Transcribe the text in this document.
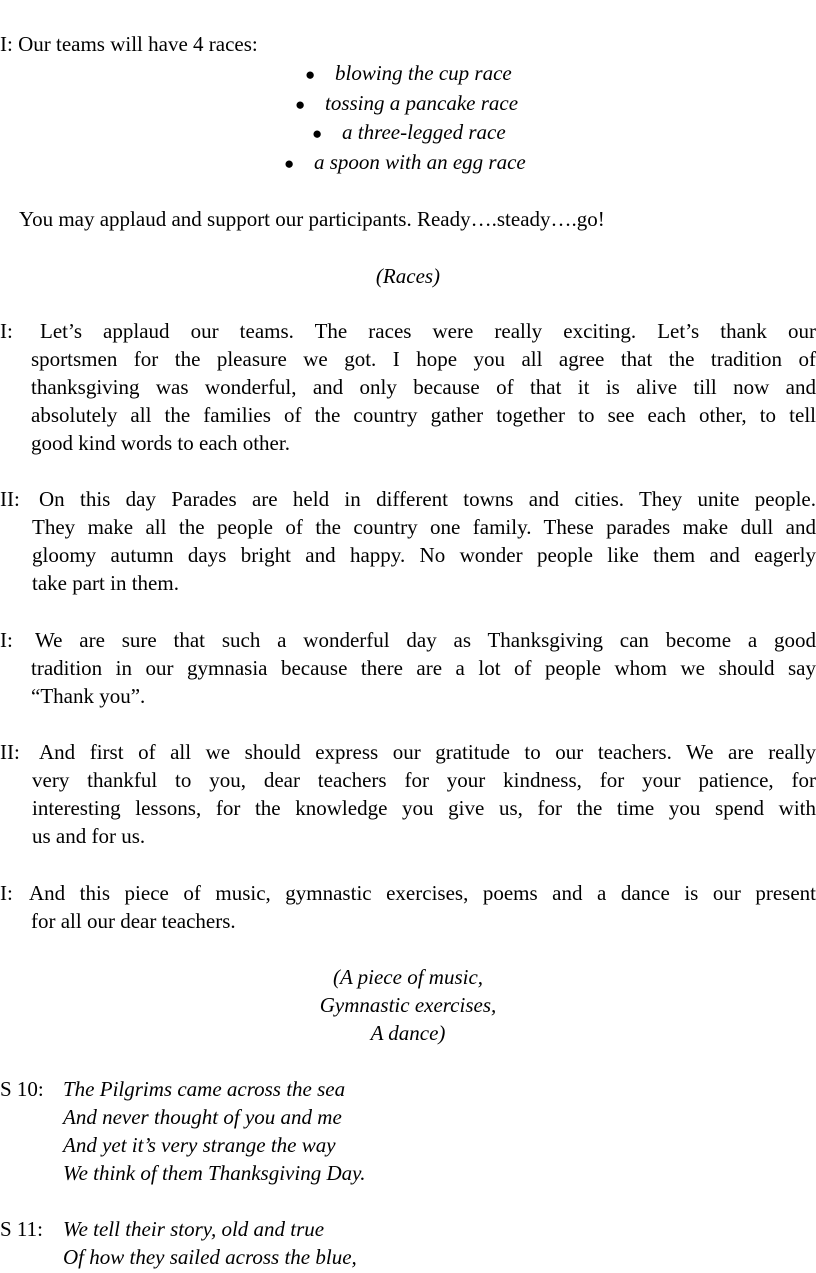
I: Our teams will have 4 races:
● blowing the cup race
● tossing a pancake race
● a three-legged race
● a spoon with an egg race
You may applaud and support our participants. Ready….steady….go!
(Races)
I: Let’s applaud our teams. The races were really exciting. Let’s thank our
sportsmen for the pleasure we got. I hope you all agree that the tradition of
thanksgiving was wonderful, and only because of that it is alive till now and
absolutely all the families of the country gather together to see each other, to tell
good kind words to each other.
II: On this day Parades are held in different towns and cities. They unite people.
They make all the people of the country one family. These parades make dull and
gloomy autumn days bright and happy. No wonder people like them and eagerly
take part in them.
I: We are sure that such a wonderful day as Thanksgiving can become a good
tradition in our gymnasia because there are a lot of people whom we should say
“Thank you”.
II: And first of all we should express our gratitude to our teachers. We are really
very thankful to you, dear teachers for your kindness, for your patience, for
interesting lessons, for the knowledge you give us, for the time you spend with
us and for us.
I: And this piece of music, gymnastic exercises, poems and a dance is our present
for all our dear teachers.
(A piece of music,
Gymnastic exercises,
A dance)
S 10: The Pilgrims came across the sea
And never thought of you and me
And yet it’s very strange the way
We think of them Thanksgiving Day.
S 11: We tell their story, old and true
Of how they sailed across the blue,
